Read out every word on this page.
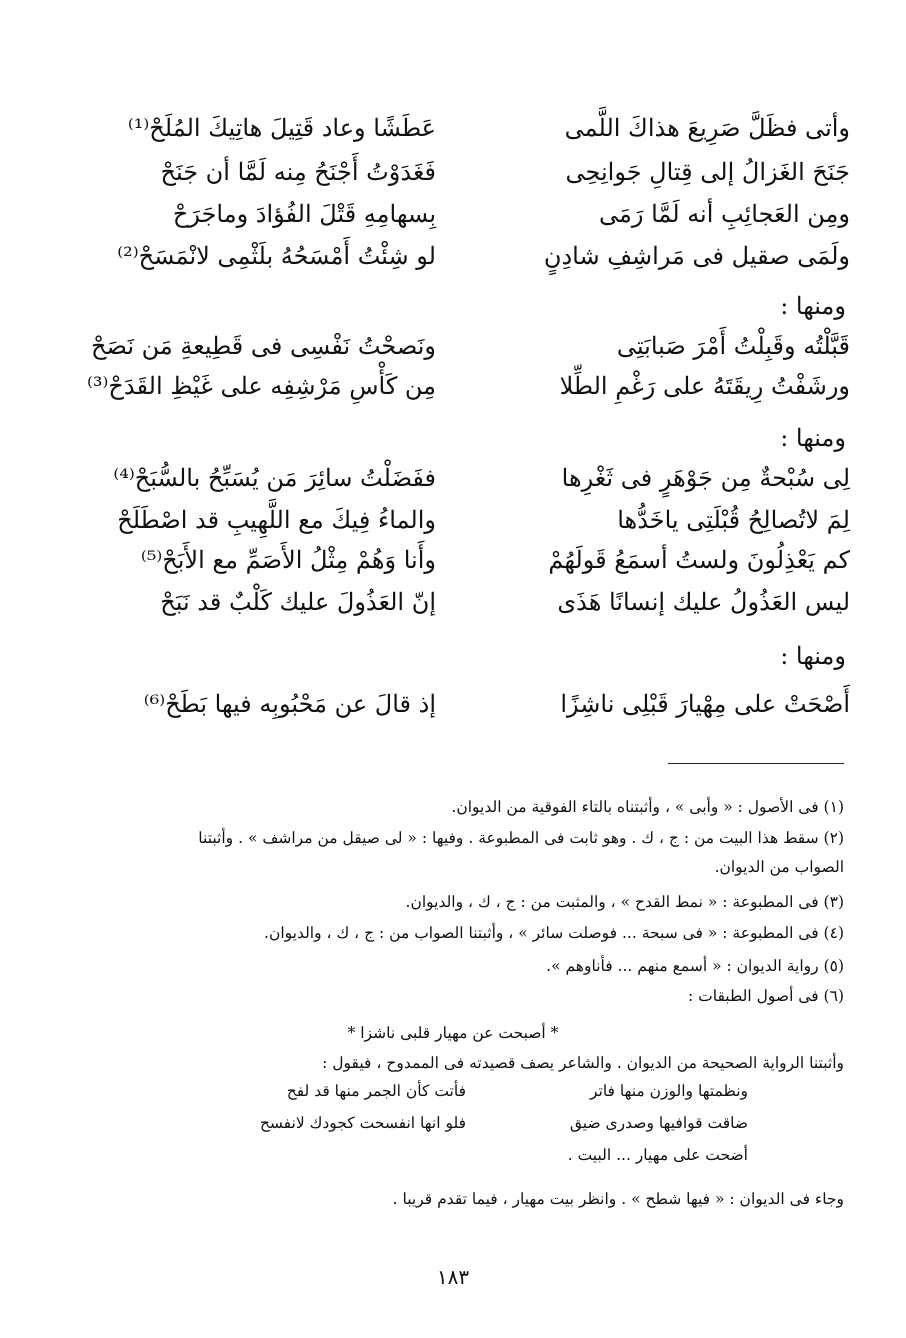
وأتى فظَلَّ صَرِيعَ هذاكَ اللَّمى
عَطَشًا وعاد قَتِيلَ هاتِيكَ المُلَحْ⁽¹⁾
جَنَحَ الغَزالُ إلى قِتالِ جَوانِحِى
فَغَدَوْتُ أَجْنَحُ مِنه لَمَّا أن جَنَحْ
ومِن العَجائِبِ أنه لَمَّا رَمَى
بِسهامِهِ قَتْلَ الفُؤادَ وماجَرَحْ
ولَمَى صقيل فى مَراشِفِ شادِنٍ
لو شِئْتُ أَمْسَحُهُ بلَثْمِى لانْمَسَحْ⁽²⁾
ومنها :
قَبَّلْتُه وقَبِلْتُ أَمْرَ صَبابَتِى
ونَصحْتُ نَفْسِى فى قَطِيعةِ مَن نَصَحْ
ورشَفْتُ رِيقَتَهُ على رَغْمِ الطِّلا
مِن كَأْسِ مَرْشِفِه على غَيْظِ القَدَحْ⁽³⁾
ومنها :
لِى سُبْحةٌ مِن جَوْهَرٍ فى ثَغْرِها
ففَضَلْتُ سائِرَ مَن يُسَبِّحُ بالسُّبَحْ⁽⁴⁾
لِمَ لاتُصالِحُ قُبْلَتِى ياخَدُّها
والماءُ فِيكَ مع اللَّهِيبِ قد اصْطَلَحْ
كم يَعْذِلُونَ ولستُ أسمَعُ قَولَهُمْ
وأَنا وَهُمْ مِثْلُ الأَصَمِّ مع الأَبَحْ⁽⁵⁾
ليس العَذُولُ عليك إنسانًا هَذَى
إنّ العَذُولَ عليك كَلْبٌ قد نَبَحْ
ومنها :
أَصْحَتْ على مِهْيارَ قَبْلِى ناشِزًا
إذ قالَ عن مَحْبُوبِه فيها بَطَحْ⁽⁶⁾
(١) فى الأصول : « وأبى » ، وأثبتناه بالتاء الفوقية من الديوان.
(٢) سقط هذا البيت من : ج ، ك . وهو ثابت فى المطبوعة . وفيها : « لى صيقل من مراشف » . وأثبتنا
الصواب من الديوان.
(٣) فى المطبوعة : « نمط القدح » ، والمثبت من : ج ، ك ، والديوان.
(٤) فى المطبوعة : « فى سبحة ... فوصلت سائر » ، وأثبتنا الصواب من : ج ، ك ، والديوان.
(٥) رواية الديوان : « أسمع منهم ... فأناوهم ».
(٦) فى أصول الطبقات :
* أصبحت عن مهيار قلبى ناشزا *
وأثبتنا الرواية الصحيحة من الديوان . والشاعر يصف قصيدته فى الممدوح ، فيقول :
ونظمتها والوزن منها فاتر
فأتت كأن الجمر منها قد لفح
ضاقت قوافيها وصدرى ضيق
فلو انها انفسحت كجودك لانفسح
أضحت على مهيار ... البيت .
وجاء فى الديوان : « فيها شطح » . وانظر بيت مهيار ، فيما تقدم قريبا .
١٨٣
